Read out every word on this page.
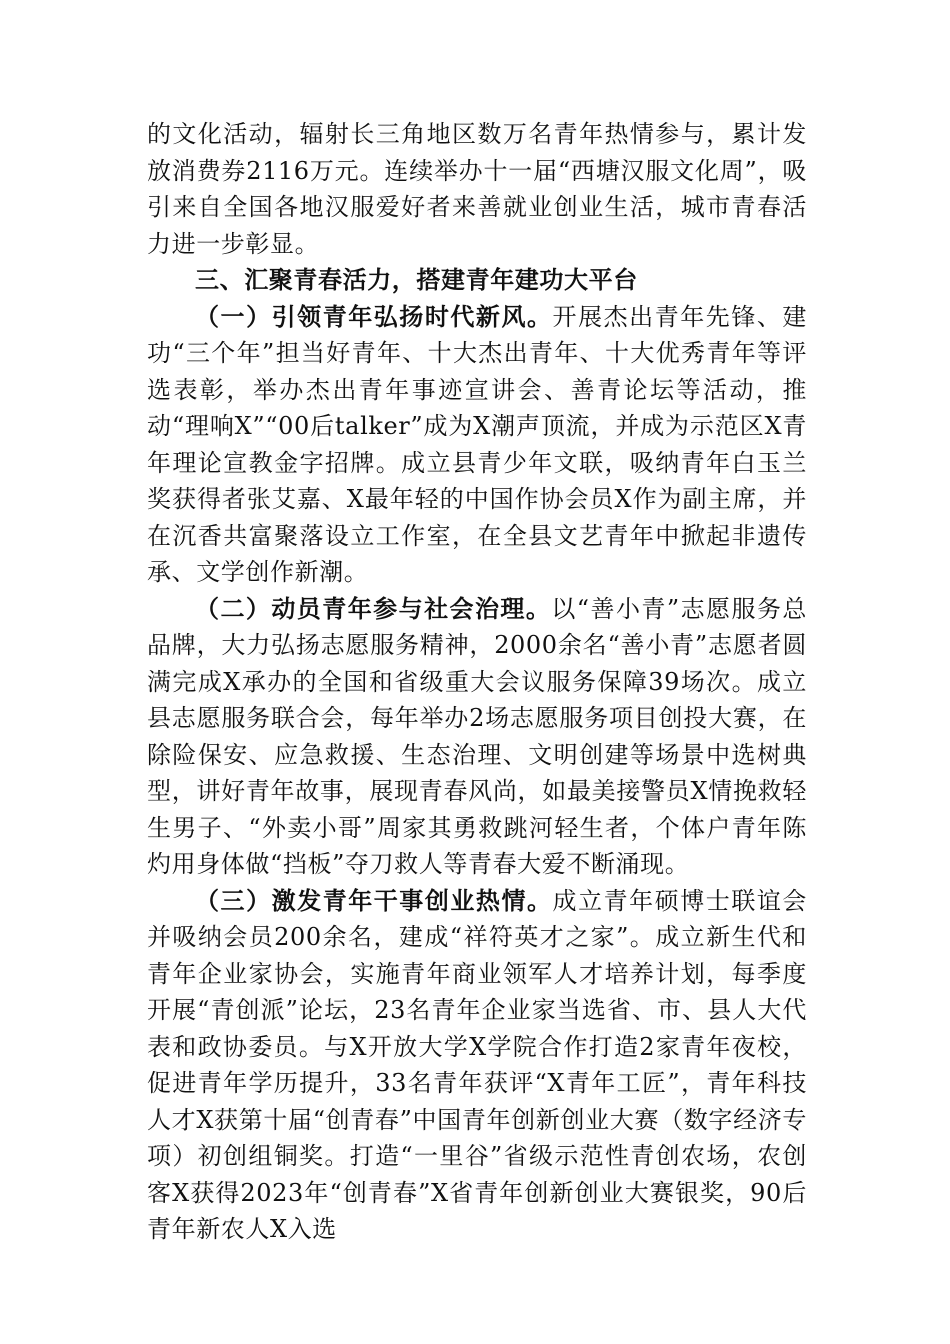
的文化活动，辐射长三角地区数万名青年热情参与，累计发放消费券2116万元。连续举办十一届“西塘汉服文化周”，吸引来自全国各地汉服爱好者来善就业创业生活，城市青春活力进一步彰显。

三、汇聚青春活力，搭建青年建功大平台

（一）引领青年弘扬时代新风。开展杰出青年先锋、建功“三个年”担当好青年、十大杰出青年、十大优秀青年等评选表彰，举办杰出青年事迹宣讲会、善青论坛等活动，推动“理响X”“00后talker”成为X潮声顶流，并成为示范区X青年理论宣教金字招牌。成立县青少年文联，吸纳青年白玉兰奖获得者张艾嘉、X最年轻的中国作协会员X作为副主席，并在沉香共富聚落设立工作室，在全县文艺青年中掀起非遗传承、文学创作新潮。

（二）动员青年参与社会治理。以“善小青”志愿服务总品牌，大力弘扬志愿服务精神，2000余名“善小青”志愿者圆满完成X承办的全国和省级重大会议服务保障39场次。成立县志愿服务联合会，每年举办2场志愿服务项目创投大赛，在除险保安、应急救援、生态治理、文明创建等场景中选树典型，讲好青年故事，展现青春风尚，如最美接警员X情挽救轻生男子、“外卖小哥”周家其勇救跳河轻生者，个体户青年陈灼用身体做“挡板”夺刀救人等青春大爱不断涌现。

（三）激发青年干事创业热情。成立青年硕博士联谊会并吸纳会员200余名，建成“祥符英才之家”。成立新生代和青年企业家协会，实施青年商业领军人才培养计划，每季度开展“青创派”论坛，23名青年企业家当选省、市、县人大代表和政协委员。与X开放大学X学院合作打造2家青年夜校，促进青年学历提升，33名青年获评“X青年工匠”，青年科技人才X获第十届“创青春”中国青年创新创业大赛（数字经济专项）初创组铜奖。打造“一里谷”省级示范性青创农场，农创客X获得2023年“创青春”X省青年创新创业大赛银奖，90后青年新农人X入选
